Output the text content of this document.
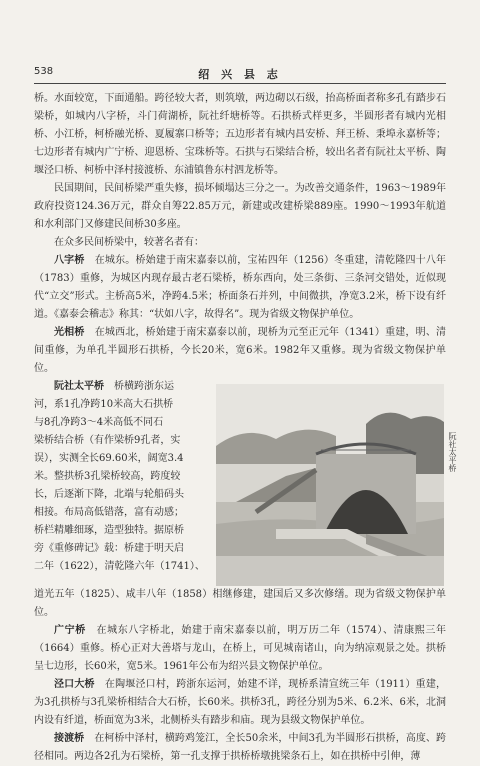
538	绍 兴 县 志

桥。水面较宽，下面通船。跨径较大者，则筑墩，两边砌以石级，抬高桥面者称多孔有踏步石梁桥，如城内八字桥，斗门荷湖桥，阮社纤塘桥等。石拱桥式样更多，半圆形者有城内光相桥、小江桥，柯桥融光桥、夏履寨口桥等；五边形者有城内昌安桥、拜王桥、秉埠永嘉桥等；七边形者有城内广宁桥、迎恩桥、宝珠桥等。石拱与石梁结合桥，较出名者有阮社太平桥、陶堰泾口桥、柯桥中泽村接渡桥、东浦镇鲁东村泗龙桥等。

民国期间，民间桥梁严重失修，损坏倾塌达三分之一。为改善交通条件，1963～1989年政府投资124.36万元，群众自筹22.85万元，新建或改建桥梁889座。1990～1993年航道和水利部门又修建民间桥30多座。

在众多民间桥梁中，较著名者有：

八字桥　 在城东。桥始建于南宋嘉泰以前，宝祐四年（1256）冬重建，清乾隆四十八年（1783）重修，为城区内现存最古老石梁桥，桥东西向，处三条街、三条河交错处，近似现代“立交”形式。主桥高5米，净跨4.5米；桥面条石并列，中间微拱，净宽3.2米，桥下设有纤道。《嘉泰会稽志》称其：“状如八字，故得名”。现为省级文物保护单位。

光相桥　 在城西北，桥始建于南宋嘉泰以前，现桥为元至正元年（1341）重建，明、清间重修，为单孔半圆形石拱桥，今长20米，宽6米。1982年又重修。现为省级文物保护单位。

阮社太平桥　 桥横跨浙东运

河，系1孔净跨10米高大石拱桥

与8孔净跨3～4米高低不同石

梁桥结合桥（有作梁桥9孔者，实

误），实测全长69.60米，阔宽3.4

米。整拱桥3孔梁桥较高，跨度较

长，后逐渐下降，北端与轮船码头

相接。布局高低错落，富有动感；

桥栏精雕细琢，造型独特。据原桥

旁《重修碑记》载：桥建于明天启

二年（1622），清乾隆六年（1741）、

阮社太平桥

道光五年（1825）、咸丰八年（1858）相继修建，建国后又多次修缮。现为省级文物保护单位。

广宁桥　 在城东八字桥北，始建于南宋嘉泰以前，明万历二年（1574）、清康熙三年（1664）重修。桥心正对大善塔与龙山，在桥上，可见城南诸山，向为纳凉观景之处。拱桥呈七边形，长60米，宽5米。1961年公布为绍兴县文物保护单位。

泾口大桥　 在陶堰泾口村，跨浙东运河，始建不详，现桥系清宣统三年（1911）重建，为3孔拱桥与3孔梁桥相结合大石桥，长60米。拱桥3孔，跨径分别为5米、6.2米、6米，北洞内设有纤道，桥面宽为3米，北侧桥头有踏步和庙。现为县级文物保护单位。

接渡桥　 在柯桥中泽村，横跨鸡笼江，全长50余米，中间3孔为半圆形石拱桥，高度、跨径相同。两边各2孔为石梁桥，第一孔支撑于拱桥桥墩挑梁条石上，如在拱桥中引伸，薄
